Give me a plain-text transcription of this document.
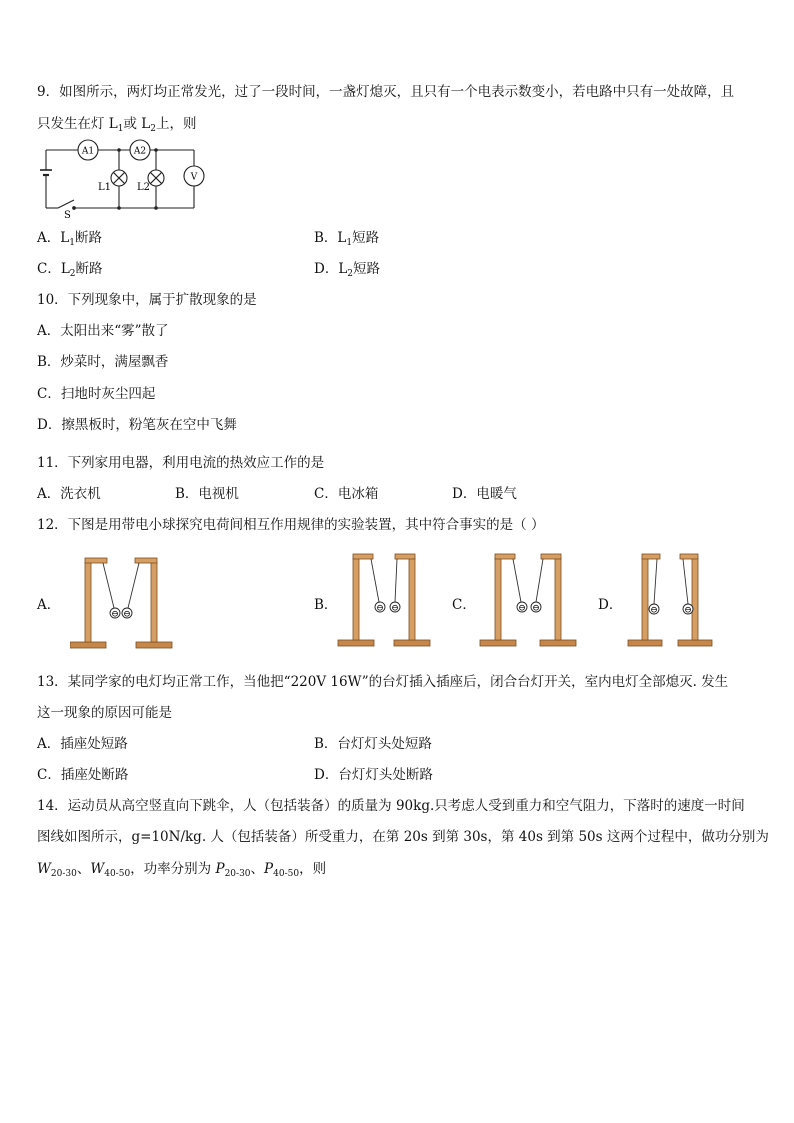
9．如图所示，两灯均正常发光，过了一段时间，一盏灯熄灭，且只有一个电表示数变小，若电路中只有一处故障，且
只发生在灯 $L_1$或 $L_2$上，则
A1	A2
V
L1	L2
S
A．$L_1$断路	B．$L_1$短路
C．$L_2$断路	D．$L_2$短路
10．下列现象中，属于扩散现象的是
A．太阳出来“雾”散了
B．炒菜时，满屋飘香
C．扫地时灰尘四起
D．擦黑板时，粉笔灰在空中飞舞
11．下列家用电器，利用电流的热效应工作的是
A．洗衣机	B．电视机	C．电冰箱	D．电暖气
12．下图是用带电小球探究电荷间相互作用规律的实验装置，其中符合事实的是（ ）
A．	B．	C．	D．
⊖ ⊖
⊖ ⊖	⊖ ⊖	⊖	⊖
13．某同学家的电灯均正常工作，当他把“220V 16W”的台灯插入插座后，闭合台灯开关，室内电灯全部熄灭. 发生
这一现象的原因可能是
A．插座处短路	B．台灯灯头处短路
C．插座处断路	D．台灯灯头处断路
14．运动员从高空竖直向下跳伞，人（包括装备）的质量为 90kg.只考虑人受到重力和空气阻力，下落时的速度一时间
图线如图所示，g=10N/kg. 人（包括装备）所受重力，在第 20s 到第 30s，第 40s 到第 50s 这两个过程中，做功分别为
$W_{20-30}$、$W_{40-50}$，功率分别为 $P_{20-30}$、$P_{40-50}$，则
